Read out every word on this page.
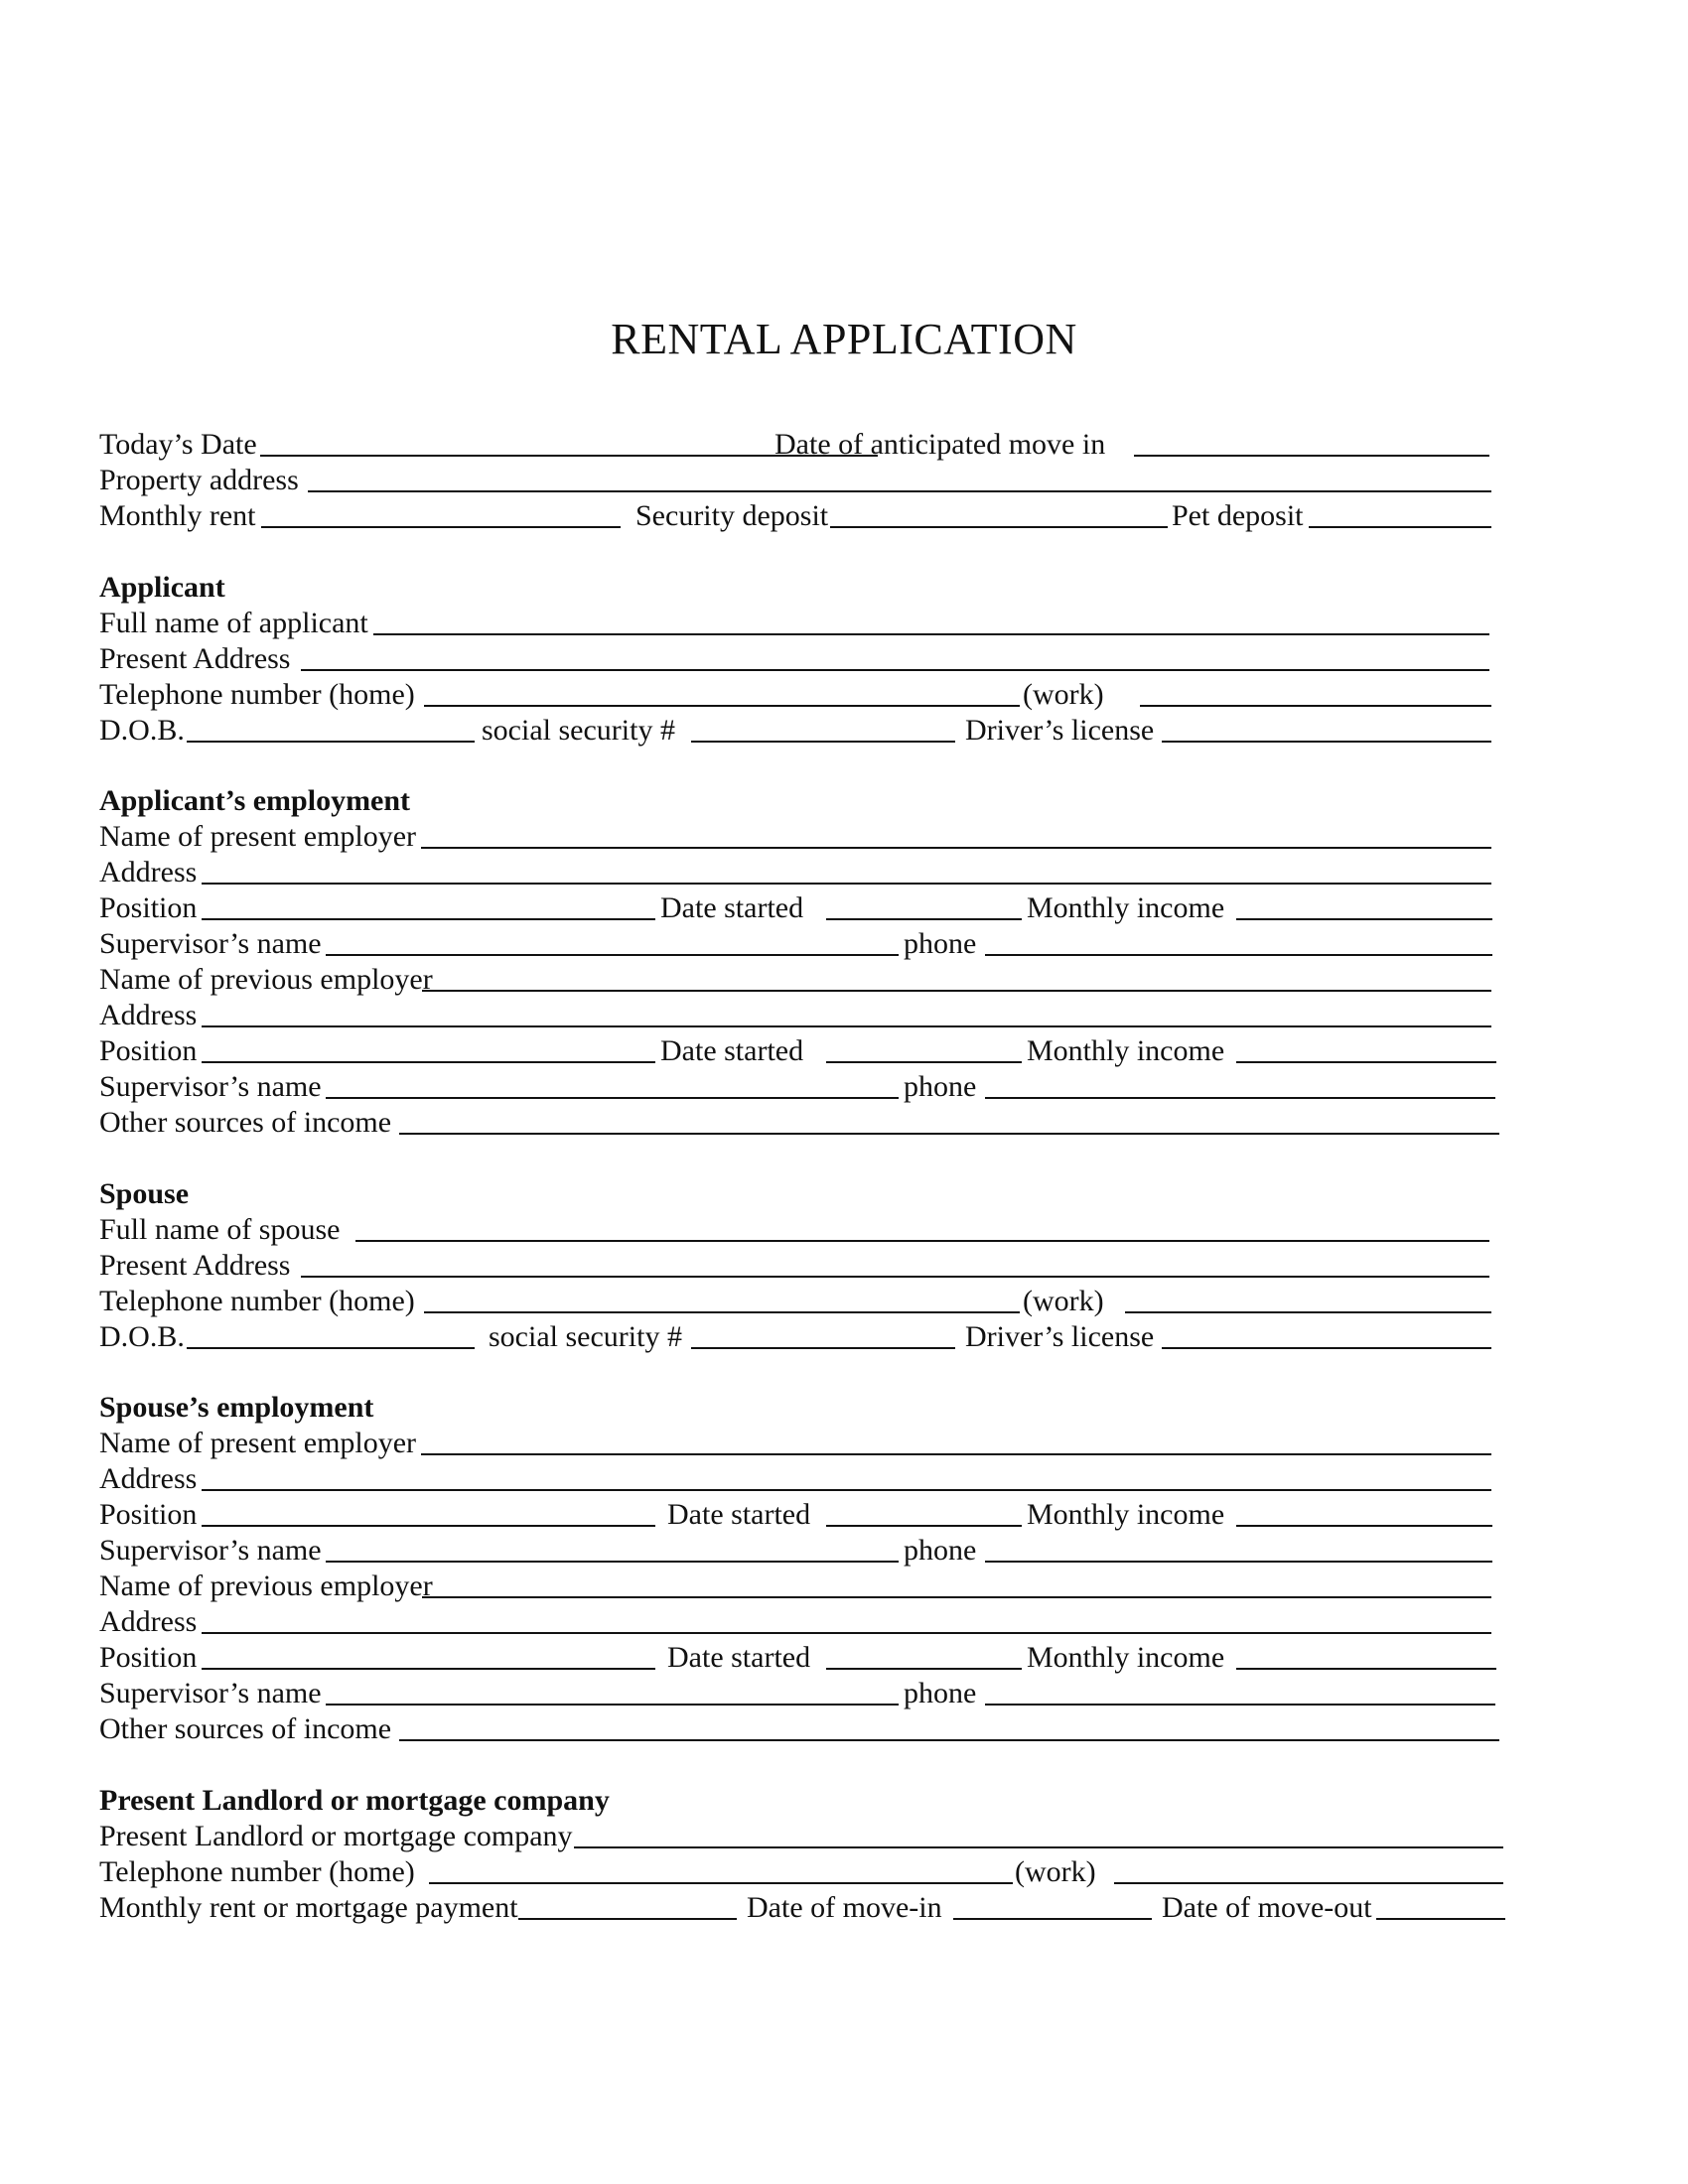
RENTAL APPLICATION
Today’s Date	Date of anticipated move in
Property address
Monthly rent	Security deposit	Pet deposit
Applicant
Full name of applicant
Present Address
Telephone number (home)	(work)
D.O.B.	social security #	Driver’s license
Applicant’s employment
Name of present employer
Address
Position	Date started	Monthly income
Supervisor’s name	phone
Name of previous employer
Address
Position	Date started	Monthly income
Supervisor’s name	phone
Other sources of income
Spouse
Full name of spouse
Present Address
Telephone number (home)	(work)
D.O.B.	social security #	Driver’s license
Spouse’s employment
Name of present employer
Address
Position	Date started	Monthly income
Supervisor’s name	phone
Name of previous employer
Address
Position	Date started	Monthly income
Supervisor’s name	phone
Other sources of income
Present Landlord or mortgage company
Present Landlord or mortgage company
Telephone number (home)	(work)
Monthly rent or mortgage payment	Date of move-in	Date of move-out
